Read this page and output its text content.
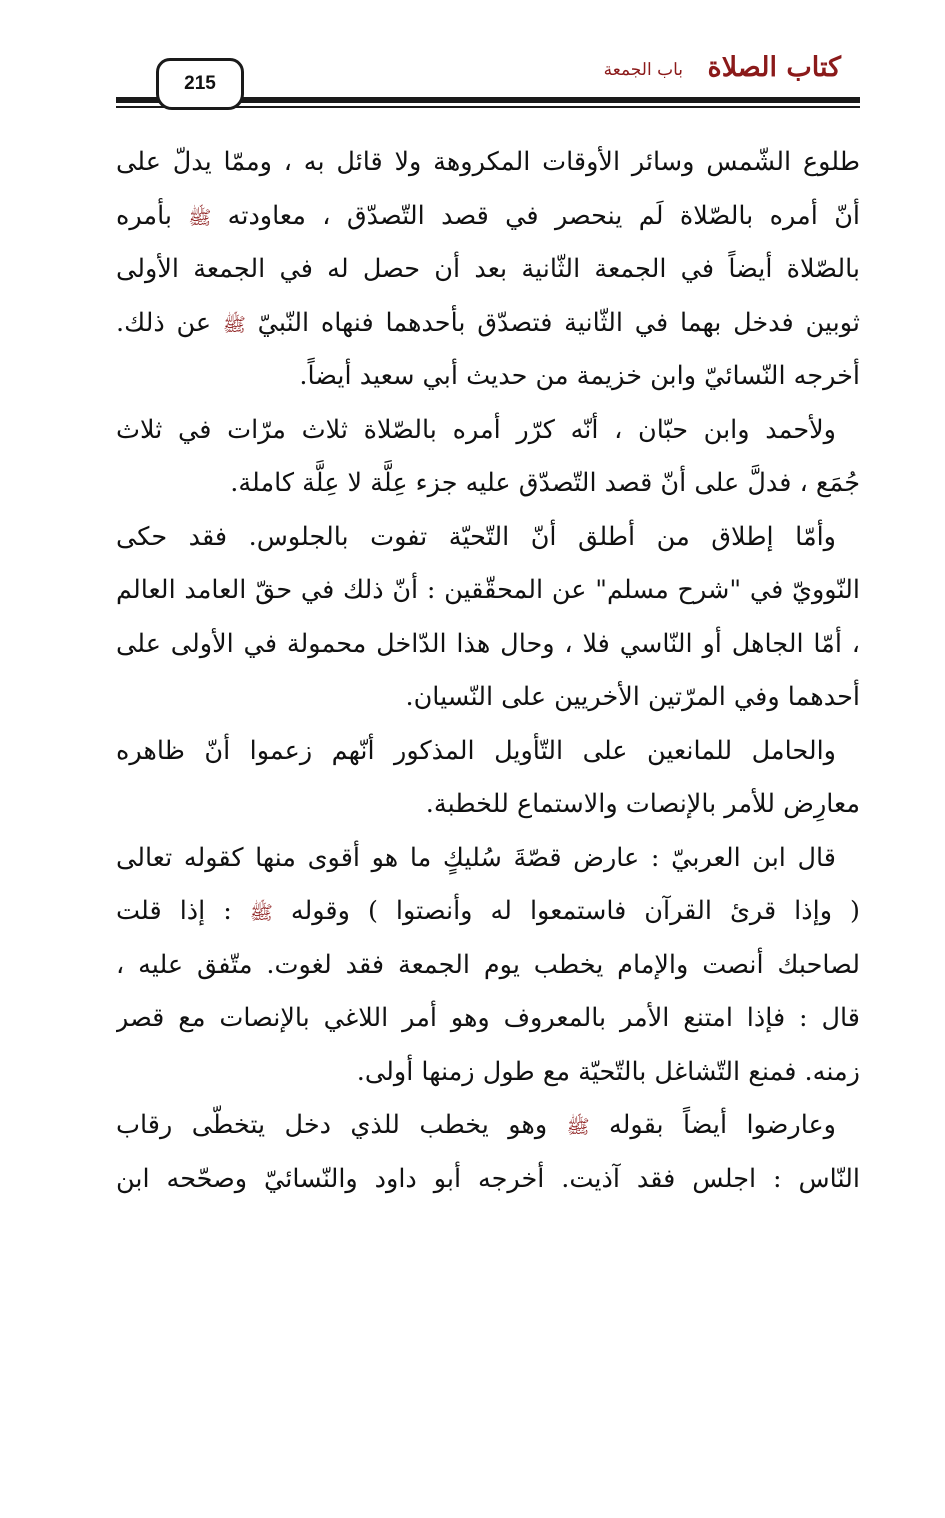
كتاب الصلاة
باب الجمعة
215
طلوع الشّمس وسائر الأوقات المكروهة ولا قائل به ، وممّا يدلّ على
أنّ أمره بالصّلاة لَم ينحصر في قصد التّصدّق ، معاودته ﷺ بأمره
بالصّلاة أيضاً في الجمعة الثّانية بعد أن حصل له في الجمعة الأولى
ثوبين فدخل بهما في الثّانية فتصدّق بأحدهما فنهاه النّبيّ ﷺ عن ذلك.
أخرجه النّسائيّ وابن خزيمة من حديث أبي سعيد أيضاً.
ولأحمد وابن حبّان ، أنّه كرّر أمره بالصّلاة ثلاث مرّات في ثلاث
جُمَع ، فدلَّ على أنّ قصد التّصدّق عليه جزء عِلَّة لا عِلَّة كاملة.
وأمّا إطلاق من أطلق أنّ التّحيّة تفوت بالجلوس. فقد حكى
النّوويّ في "شرح مسلم" عن المحقّقين : أنّ ذلك في حقّ العامد العالم
، أمّا الجاهل أو النّاسي فلا ، وحال هذا الدّاخل محمولة في الأولى على
أحدهما وفي المرّتين الأخريين على النّسيان.
والحامل للمانعين على التّأويل المذكور أنّهم زعموا أنّ ظاهره
معارِض للأمر بالإنصات والاستماع للخطبة.
قال ابن العربيّ : عارض قصّةَ سُليكٍ ما هو أقوى منها كقوله تعالى
( وإذا قرئ القرآن فاستمعوا له وأنصتوا ) وقوله ﷺ : إذا قلت
لصاحبك أنصت والإمام يخطب يوم الجمعة فقد لغوت. متّفق عليه ،
قال : فإذا امتنع الأمر بالمعروف وهو أمر اللاغي بالإنصات مع قصر
زمنه. فمنع التّشاغل بالتّحيّة مع طول زمنها أولى.
وعارضوا أيضاً بقوله ﷺ وهو يخطب للذي دخل يتخطّى رقاب
النّاس : اجلس فقد آذيت. أخرجه أبو داود والنّسائيّ وصحّحه ابن
